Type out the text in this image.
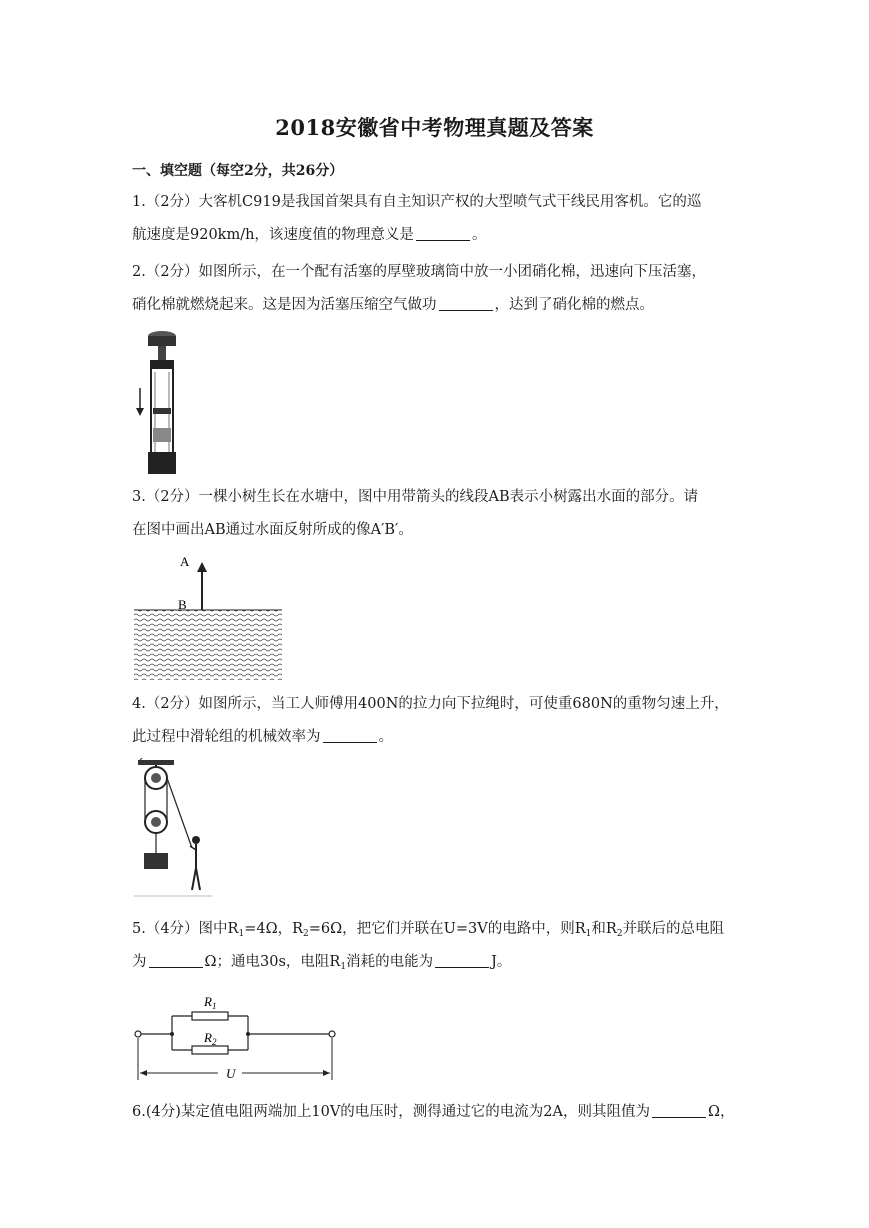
2018安徽省中考物理真题及答案
一、填空题（每空2分，共26分）
1.（2分）大客机C919是我国首架具有自主知识产权的大型喷气式干线民用客机。它的巡
航速度是920km/h，该速度值的物理意义是	。
2.（2分）如图所示，在一个配有活塞的厚壁玻璃筒中放一小团硝化棉，迅速向下压活塞，
硝化棉就燃烧起来。这是因为活塞压缩空气做功	，达到了硝化棉的燃点。
3.（2分）一棵小树生长在水塘中，图中用带箭头的线段AB表示小树露出水面的部分。请
在图中画出AB通过水面反射所成的像A′B′。
A
B
4.（2分）如图所示，当工人师傅用400N的拉力向下拉绳时，可使重680N的重物匀速上升，
此过程中滑轮组的机械效率为	。
5.（4分）图中$R_1=4\Omega$，$R_2=6\Omega$，把它们并联在U=3V的电路中，则$R_1$和$R_2$并联后的总电阻
为	Ω；通电30s，电阻$R_1$消耗的电能为	J。
$R_1$
$R_2$
U
6.(4分)某定值电阻两端加上10V的电压时，测得通过它的电流为2A，则其阻值为	Ω，
